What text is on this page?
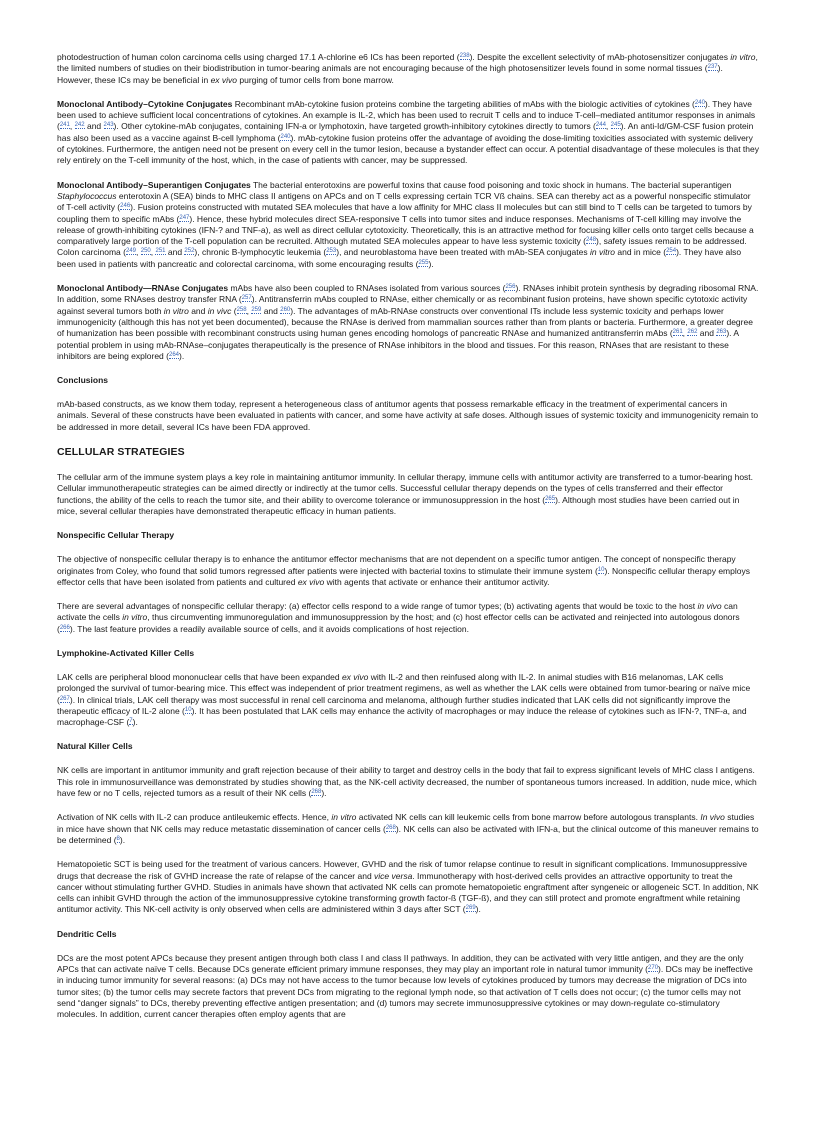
photodestruction of human colon carcinoma cells using charged 17.1 A-chlorine e6 ICs has been reported ($^{238}$). Despite the excellent selectivity of mAb-photosensitizer conjugates in vitro, the limited numbers of studies on their biodistribution in tumor-bearing animals are not encouraging because of the high photosensitizer levels found in some normal tissues ($^{237}$). However, these ICs may be beneficial in ex vivo purging of tumor cells from bone marrow.

Monoclonal Antibody–Cytokine Conjugates Recombinant mAb-cytokine fusion proteins combine the targeting abilities of mAbs with the biologic activities of cytokines ($^{240}$). They have been used to achieve sufficient local concentrations of cytokines. An example is IL-2, which has been used to recruit T cells and to induce T-cell–mediated antitumor responses in animals ($^{241}$, $^{242}$ and $^{243}$). Other cytokine-mAb conjugates, containing IFN-a or lymphotoxin, have targeted growth-inhibitory cytokines directly to tumors ($^{244}$, $^{245}$). An anti-Id/GM-CSF fusion protein has also been used as a vaccine against B-cell lymphoma ($^{240}$). mAb-cytokine fusion proteins offer the advantage of avoiding the dose-limiting toxicities associated with systemic delivery of cytokines. Furthermore, the antigen need not be present on every cell in the tumor lesion, because a bystander effect can occur. A potential disadvantage of these molecules is that they rely entirely on the T-cell immunity of the host, which, in the case of patients with cancer, may be suppressed.

Monoclonal Antibody–Superantigen Conjugates The bacterial enterotoxins are powerful toxins that cause food poisoning and toxic shock in humans. The bacterial superantigen Staphylococcus enterotoxin A (SEA) binds to MHC class II antigens on APCs and on T cells expressing certain TCR Vß chains. SEA can thereby act as a powerful nonspecific stimulator of T-cell activity ($^{246}$). Fusion proteins constructed with mutated SEA molecules that have a low affinity for MHC class II molecules but can still bind to T cells can be targeted to tumors by coupling them to specific mAbs ($^{247}$). Hence, these hybrid molecules direct SEA-responsive T cells into tumor sites and induce responses. Mechanisms of T-cell killing may involve the release of growth-inhibiting cytokines (IFN-? and TNF-a), as well as direct cellular cytotoxicity. Theoretically, this is an attractive method for focusing killer cells onto target cells because a comparatively large portion of the T-cell population can be recruited. Although mutated SEA molecules appear to have less systemic toxicity ($^{248}$), safety issues remain to be addressed. Colon carcinoma ($^{249}$, $^{250}$, $^{251}$ and $^{252}$), chronic B-lymphocytic leukemia ($^{253}$), and neuroblastoma have been treated with mAb-SEA conjugates in vitro and in mice ($^{254}$). They have also been used in patients with pancreatic and colorectal carcinoma, with some encouraging results ($^{255}$).

Monoclonal Antibody—RNAse Conjugates mAbs have also been coupled to RNAses isolated from various sources ($^{256}$). RNAses inhibit protein synthesis by degrading ribosomal RNA. In addition, some RNAses destroy transfer RNA ($^{257}$). Antitransferrin mAbs coupled to RNAse, either chemically or as recombinant fusion proteins, have shown specific cytotoxic activity against several tumors both in vitro and in vivc ($^{258}$, $^{259}$ and $^{260}$). The advantages of mAb-RNAse constructs over conventional ITs include less systemic toxicity and perhaps lower immunogenicity (although this has not yet been documented), because the RNAse is derived from mammalian sources rather than from plants or bacteria. Furthermore, a greater degree of humanization has been possible with recombinant constructs using human genes encoding homologs of pancreatic RNAse and humanized antitransferrin mAbs ($^{261}$, $^{262}$ and $^{263}$). A potential problem in using mAb-RNAse–conjugates therapeutically is the presence of RNAse inhibitors in the blood and tissues. For this reason, RNAses that are resistant to these inhibitors are being explored ($^{264}$).

Conclusions

mAb-based constructs, as we know them today, represent a heterogeneous class of antitumor agents that possess remarkable efficacy in the treatment of experimental cancers in animals. Several of these constructs have been evaluated in patients with cancer, and some have activity at safe doses. Although issues of systemic toxicity and immunogenicity remain to be addressed in more detail, several ICs have been FDA approved.

CELLULAR STRATEGIES

The cellular arm of the immune system plays a key role in maintaining antitumor immunity. In cellular therapy, immune cells with antitumor activity are transferred to a tumor-bearing host. Cellular immunotherapeutic strategies can be aimed directly or indirectly at the tumor cells. Successful cellular therapy depends on the types of cells transferred and their effector functions, the ability of the cells to reach the tumor site, and their ability to overcome tolerance or immunosuppression in the host ($^{265}$). Although most studies have been carried out in mice, several cellular therapies have demonstrated therapeutic efficacy in human patients.

Nonspecific Cellular Therapy

The objective of nonspecific cellular therapy is to enhance the antitumor effector mechanisms that are not dependent on a specific tumor antigen. The concept of nonspecific therapy originates from Coley, who found that solid tumors regressed after patients were injected with bacterial toxins to stimulate their immune system ($^{10}$). Nonspecific cellular therapy employs effector cells that have been isolated from patients and cultured ex vivo with agents that activate or enhance their antitumor activity.

There are several advantages of nonspecific cellular therapy: (a) effector cells respond to a wide range of tumor types; (b) activating agents that would be toxic to the host in vivo can activate the cells in vitro, thus circumventing immunoregulation and immunosuppression by the host; and (c) host effector cells can be activated and reinjected into autologous donors ($^{266}$). The last feature provides a readily available source of cells, and it avoids complications of host rejection.

Lymphokine-Activated Killer Cells

LAK cells are peripheral blood mononuclear cells that have been expanded ex vivo with IL-2 and then reinfused along with IL-2. In animal studies with B16 melanomas, LAK cells prolonged the survival of tumor-bearing mice. This effect was independent of prior treatment regimens, as well as whether the LAK cells were obtained from tumor-bearing or naïve mice ($^{267}$). In clinical trials, LAK cell therapy was most successful in renal cell carcinoma and melanoma, although further studies indicated that LAK cells did not significantly improve the therapeutic efficacy of IL-2 alone ($^{10}$). It has been postulated that LAK cells may enhance the activity of macrophages or may induce the release of cytokines such as IFN-?, TNF-a, and macrophage-CSF ($^7$).

Natural Killer Cells

NK cells are important in antitumor immunity and graft rejection because of their ability to target and destroy cells in the body that fail to express significant levels of MHC class I antigens. This role in immunosurveillance was demonstrated by studies showing that, as the NK-cell activity decreased, the number of spontaneous tumors increased. In addition, nude mice, which have few or no T cells, rejected tumors as a result of their NK cells ($^{268}$).

Activation of NK cells with IL-2 can produce antileukemic effects. Hence, in vitro activated NK cells can kill leukemic cells from bone marrow before autologous transplants. In vivo studies in mice have shown that NK cells may reduce metastatic dissemination of cancer cells ($^{268}$). NK cells can also be activated with IFN-a, but the clinical outcome of this maneuver remains to be determined ($^8$).

Hematopoietic SCT is being used for the treatment of various cancers. However, GVHD and the risk of tumor relapse continue to result in significant complications. Immunosuppressive drugs that decrease the risk of GVHD increase the rate of relapse of the cancer and vice versa. Immunotherapy with host-derived cells provides an attractive opportunity to treat the cancer without stimulating further GVHD. Studies in animals have shown that activated NK cells can promote hematopoietic engraftment after syngeneic or allogeneic SCT. In addition, NK cells can inhibit GVHD through the action of the immunosuppressive cytokine transforming growth factor-ß (TGF-ß), and they can still protect and promote engraftment while retaining antitumor activity. This NK-cell activity is only observed when cells are administered within 3 days after SCT ($^{269}$).

Dendritic Cells

DCs are the most potent APCs because they present antigen through both class I and class II pathways. In addition, they can be activated with very little antigen, and they are the only APCs that can activate naïve T cells. Because DCs generate efficient primary immune responses, they may play an important role in natural tumor immunity ($^{270}$). DCs may be ineffective in inducing tumor immunity for several reasons: (a) DCs may not have access to the tumor because low levels of cytokines produced by tumors may decrease the migration of DCs into tumor sites; (b) the tumor cells may secrete factors that prevent DCs from migrating to the regional lymph node, so that activation of T cells does not occur; (c) the tumor cells may not send “danger signals” to DCs, thereby preventing effective antigen presentation; and (d) tumors may secrete immunosuppressive cytokines or may down-regulate co-stimulatory molecules. In addition, current cancer therapies often employ agents that are
